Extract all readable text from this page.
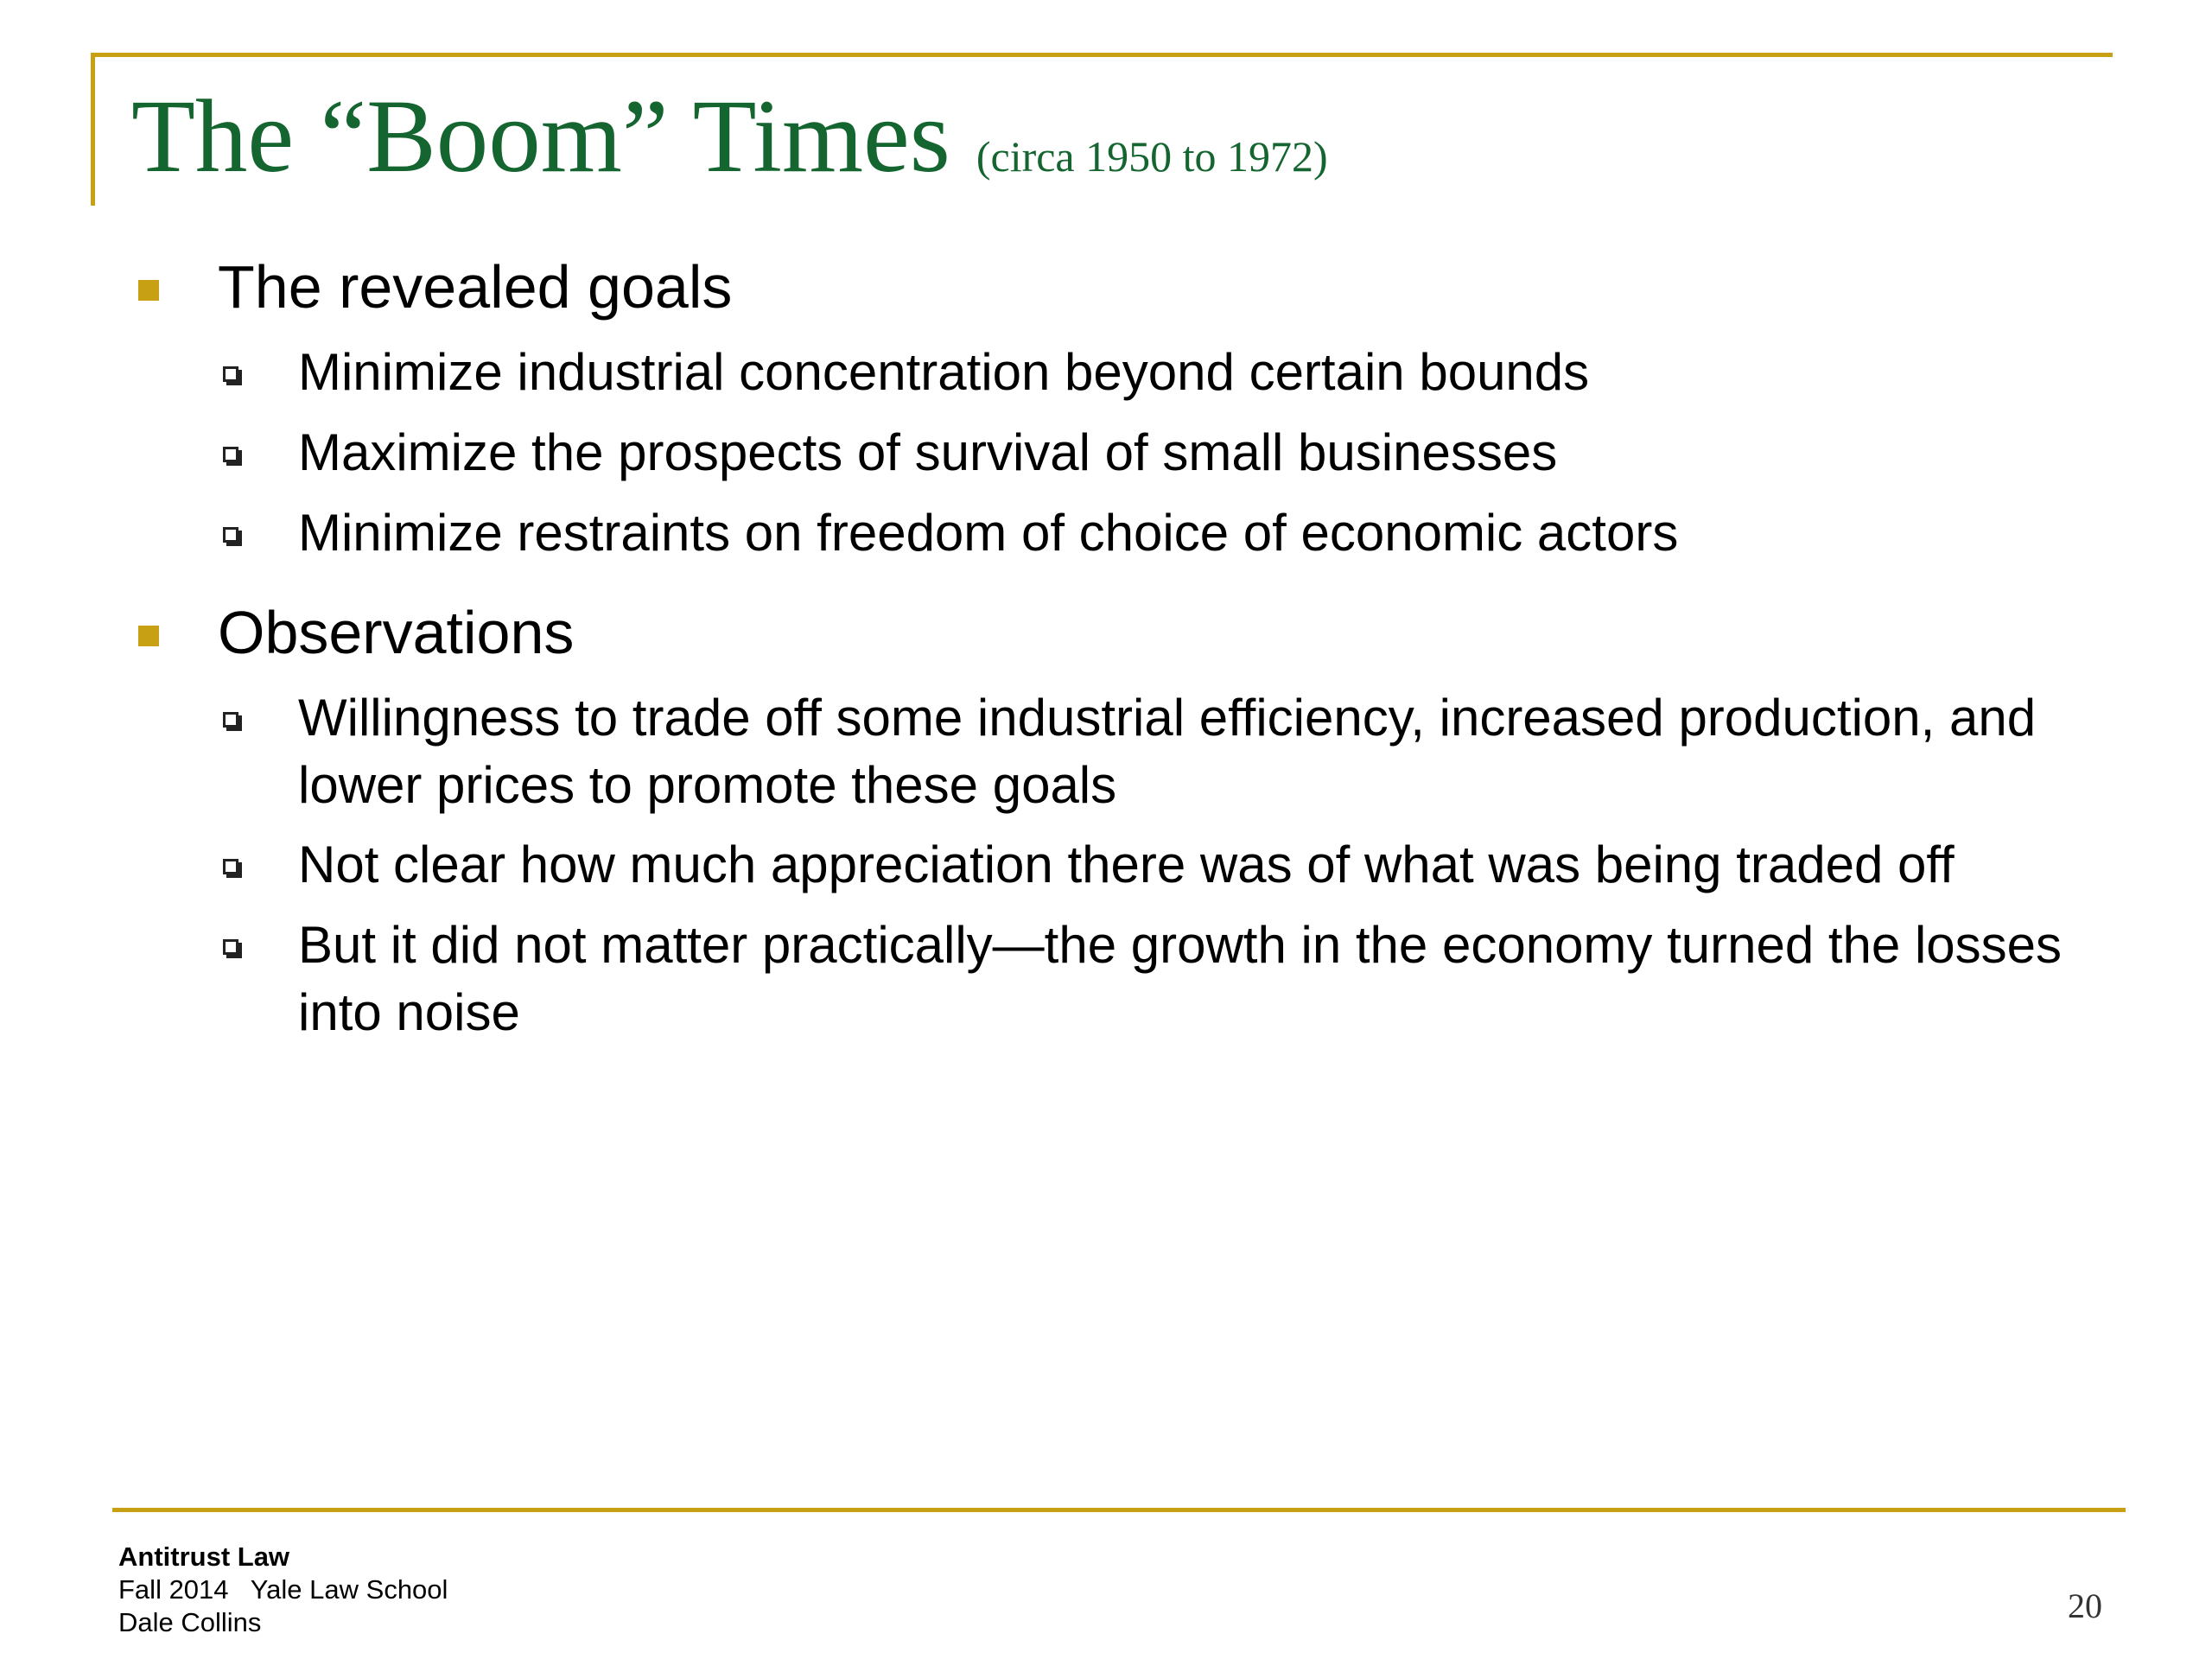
The “Boom” Times (circa 1950 to 1972)
The revealed goals
Minimize industrial concentration beyond certain bounds
Maximize the prospects of survival of small businesses
Minimize restraints on freedom of choice of economic actors
Observations
Willingness to trade off some industrial efficiency, increased production, and lower prices to promote these goals
Not clear how much appreciation there was of what was being traded off
But it did not matter practically—the growth in the economy turned the losses into noise
Antitrust Law
Fall 2014   Yale Law School
Dale Collins	20
